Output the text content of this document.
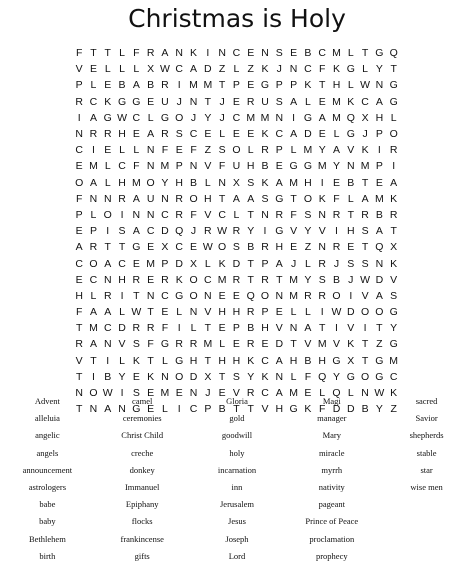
Christmas is Holy
F T T L F R A N K I N C E N S E B C M L T G Q
V E L L L X W C A D Z L Z K J N C F K G L Y T
P L E B A B R I M M T P E G P P K T H L W N G
R C K G G E U J N T J E R U S A L E M K C A G
I A G W C L G O J Y J C M M N I G A M Q X H L
N R R H E A R S C E L E E K C A D E L G J P O
C I E L L N F E F Z S O L R P L M Y A V K I R
E M L C F N M P N V F U H B E G G M Y N M P I
O A L H M O Y H B L N X S K A M H I E B T E A
F N N R A U N R O H T A A S G T O K F L A M K
P L O I N N C R F V C L T N R F S N R T R B R
E P I S A C D Q J R W R Y I G V Y V I H S A T
A R T T G E X C E W O S B R H E Z N R E T Q X
C O A C E M P D X L K D T P A J L R J S S N K
E C N H R E R K O C M R T R T M Y S B J W D V
H L R I T N C G O N E E Q O N M R R O I V A S
F A A L W T E L N V H H R P E L L I W D O O G
T M C D R R F I L T E P B H V N A T I V I T Y
R A N V S F G R R M L E R E D T V M V K T Z G
V T I L K T L G H T H H K C A H B H G X T G M
T I B Y E K N O D X T S Y K N L F Q Y G O G C
N O W I S E M E N J E V R C A M E L Q L N W K
T N A N G E L I C P B T T V H G K F D D B Y Z
Advent
alleluia
angelic
angels
announcement
astrologers
babe
baby
Bethlehem
birth
camel
ceremonies
Christ Child
creche
donkey
Immanuel
Epiphany
flocks
frankincense
gifts
Gloria
gold
goodwill
holy
incarnation
inn
Jerusalem
Jesus
Joseph
Lord
Magi
manager
Mary
miracle
myrrh
nativity
pageant
Prince of Peace
proclamation
prophecy
sacred
Savior
shepherds
stable
star
wise men
